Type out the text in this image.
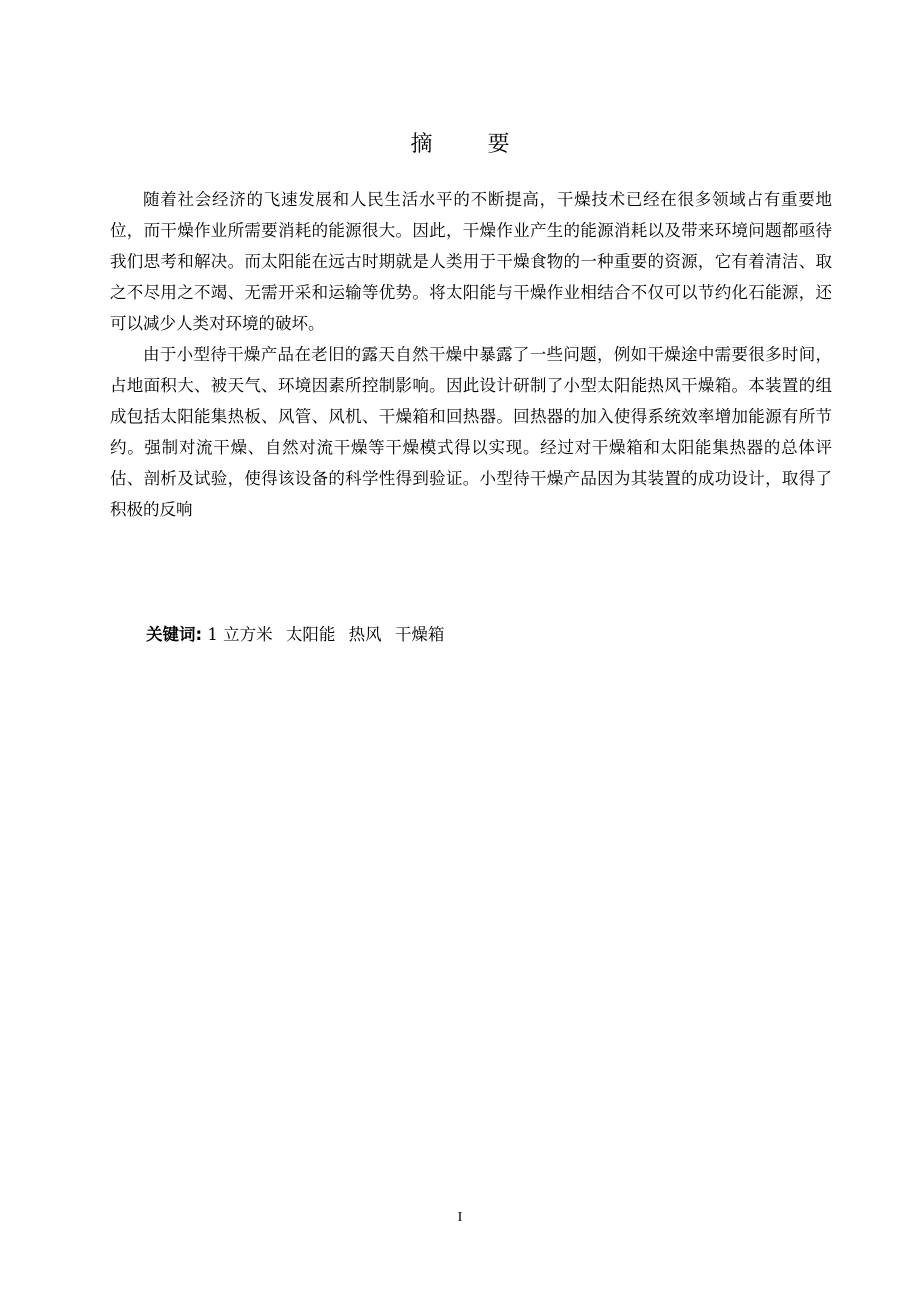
摘 要

随着社会经济的飞速发展和人民生活水平的不断提高，干燥技术已经在很多领域占有重要地位，而干燥作业所需要消耗的能源很大。因此，干燥作业产生的能源消耗以及带来环境问题都亟待我们思考和解决。而太阳能在远古时期就是人类用于干燥食物的一种重要的资源，它有着清洁、取之不尽用之不竭、无需开采和运输等优势。将太阳能与干燥作业相结合不仅可以节约化石能源，还可以减少人类对环境的破坏。

由于小型待干燥产品在老旧的露天自然干燥中暴露了一些问题，例如干燥途中需要很多时间，占地面积大、被天气、环境因素所控制影响。因此设计研制了小型太阳能热风干燥箱。本装置的组成包括太阳能集热板、风管、风机、干燥箱和回热器。回热器的加入使得系统效率增加能源有所节约。强制对流干燥、自然对流干燥等干燥模式得以实现。经过对干燥箱和太阳能集热器的总体评估、剖析及试验，使得该设备的科学性得到验证。小型待干燥产品因为其装置的成功设计，取得了积极的反响

关键词: 1 立方米 太阳能 热风 干燥箱
I
